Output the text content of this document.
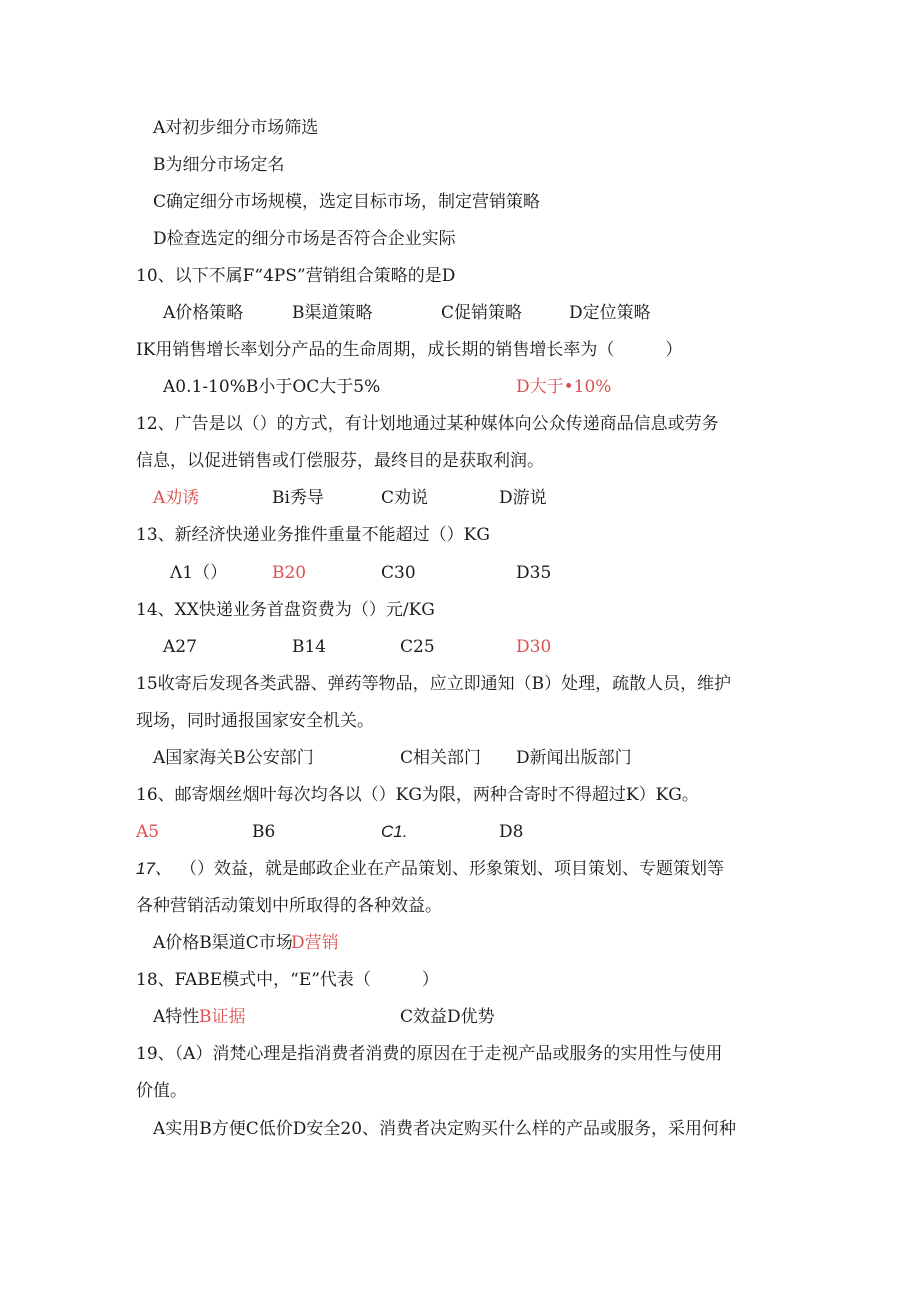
A对初步细分市场筛选
B为细分市场定名
C确定细分市场规模，选定目标市场，制定营销策略
D检查选定的细分市场是否符合企业实际
10、以下不属F“4PS”营销组合策略的是D
A价格策略	B渠道策略	C促销策略	D定位策略
IK用销售增长率划分产品的生命周期，成长期的销售增长率为（　　　）
A0.1-10%B小于OC大于5%	D大于•10%
12、广告是以（）的方式，有计划地通过某种媒体向公众传递商品信息或劳务
信息，以促进销售或仃偿服芬，最终目的是获取利润。
A劝诱	Bi秀导	C劝说	D游说
13、新经济快递业务推件重量不能超过（）KG
Λ1（）	B20	C30	D35
14、XX快递业务首盘资费为（）元/KG
A27	B14	C25	D30
15收寄后发现各类武器、弹药等物品，应立即通知（B）处理，疏散人员，维护
现场，同时通报国家安全机关。
A国家海关B公安部门	C相关部门 D新闻出版部门
16、邮寄烟丝烟叶每次均各以（）KG为限，两种合寄时不得超过K）KG。
A5	B6	C1.	D8
17、 （）效益，就是邮政企业在产品策划、形象策划、项目策划、专题策划等
各种营销活动策划中所取得的各种效益。
A价格B渠道C市场
D营销
18、FABE模式中，“E”代表（　　　）
A特性 B证据	C效益D优势
19、（A）消梵心理是指消费者消费的原因在于走视产品或服务的实用性与使用
价值。
A实用B方便C低价D安全20、消费者决定购买什么样的产品或服务，采用何种
